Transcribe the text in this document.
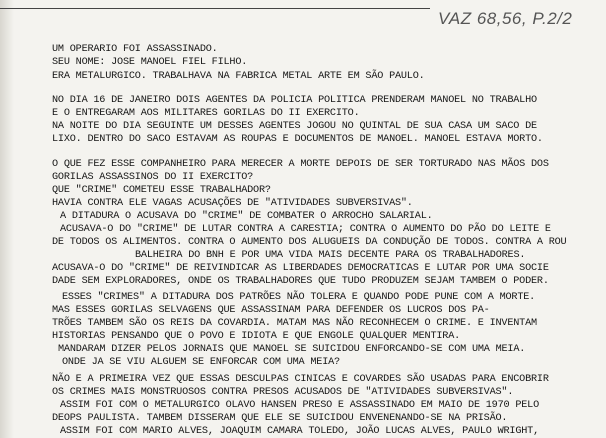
VAZ 68,56, P.2/2
UM OPERARIO FOI ASSASSINADO.
SEU NOME: JOSE MANOEL FIEL FILHO.
ERA METALURGICO. TRABALHAVA NA FABRICA METAL ARTE EM SÃO PAULO.
NO DIA 16 DE JANEIRO DOIS AGENTES DA POLICIA POLITICA PRENDERAM MANOEL NO TRABALHO
E O ENTREGARAM AOS MILITARES GORILAS DO II EXERCITO.
NA NOITE DO DIA SEGUINTE UM DESSES AGENTES JOGOU NO QUINTAL DE SUA CASA UM SACO DE
LIXO. DENTRO DO SACO ESTAVAM AS ROUPAS E DOCUMENTOS DE MANOEL. MANOEL ESTAVA MORTO.
O QUE FEZ ESSE COMPANHEIRO PARA MERECER A MORTE DEPOIS DE SER TORTURADO NAS MÃOS DOS
GORILAS ASSASSINOS DO II EXERCITO?
QUE "CRIME" COMETEU ESSE TRABALHADOR?
HAVIA CONTRA ELE VAGAS ACUSAÇÕES DE "ATIVIDADES SUBVERSIVAS".
A DITADURA O ACUSAVA DO "CRIME" DE COMBATER O ARROCHO SALARIAL.
ACUSAVA-O DO "CRIME" DE LUTAR CONTRA A CARESTIA; CONTRA O AUMENTO DO PÃO DO LEITE E
DE TODOS OS ALIMENTOS. CONTRA O AUMENTO DOS ALUGUEIS DA CONDUÇÃO DE TODOS. CONTRA A ROU
BALHEIRA DO BNH E POR UMA VIDA MAIS DECENTE PARA OS TRABALHADORES.
ACUSAVA-O DO "CRIME" DE REIVINDICAR AS LIBERDADES DEMOCRATICAS E LUTAR POR UMA SOCIE
DADE SEM EXPLORADORES, ONDE OS TRABALHADORES QUE TUDO PRODUZEM SEJAM TAMBEM O PODER.
ESSES "CRIMES" A DITADURA DOS PATRÕES NÃO TOLERA E QUANDO PODE PUNE COM A MORTE.
MAS ESSES GORILAS SELVAGENS QUE ASSASSINAM PARA DEFENDER OS LUCROS DOS PA-
TRÕES TAMBEM SÃO OS REIS DA COVARDIA. MATAM MAS NÃO RECONHECEM O CRIME. E INVENTAM
HISTORIAS PENSANDO QUE O POVO E IDIOTA E QUE ENGOLE QUALQUER MENTIRA.
MANDARAM DIZER PELOS JORNAIS QUE MANOEL SE SUICIDOU ENFORCANDO-SE COM UMA MEIA.
ONDE JA SE VIU ALGUEM SE ENFORCAR COM UMA MEIA?
NÃO E A PRIMEIRA VEZ QUE ESSAS DESCULPAS CINICAS E COVARDES SÃO USADAS PARA ENCOBRIR
OS CRIMES MAIS MONSTRUOSOS CONTRA PRESOS ACUSADOS DE "ATIVIDADES SUBVERSIVAS".
ASSIM FOI COM O METALURGICO OLAVO HANSEN PRESO E ASSASSINADO EM MAIO DE 1970 PELO
DEOPS PAULISTA. TAMBEM DISSERAM QUE ELE SE SUICIDOU ENVENENANDO-SE NA PRISÃO.
ASSIM FOI COM MARIO ALVES, JOAQUIM CAMARA TOLEDO, JOÃO LUCAS ALVES, PAULO WRIGHT,
